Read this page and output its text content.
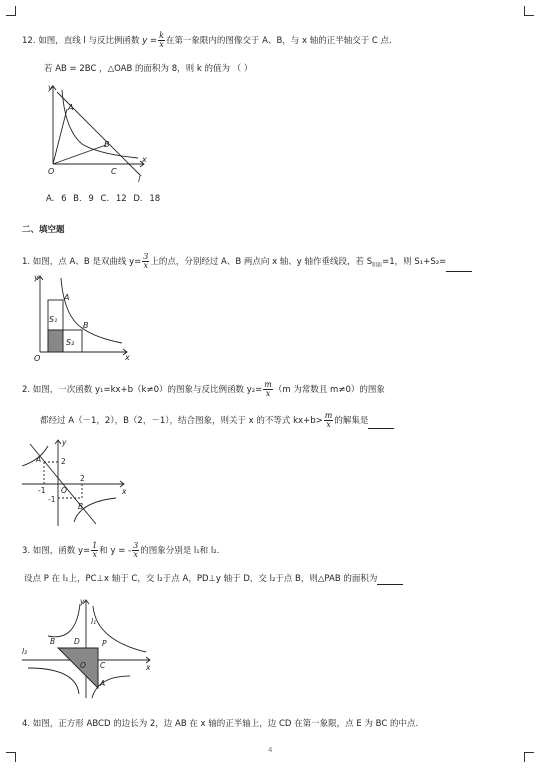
12. 如图，直线 l 与反比例函数 $y = \frac{k}{x}$ 在第一象限内的图像交于 A、B，与 x 轴的正半轴交于 C 点.
若 AB = 2BC ，△OAB 的面积为 8，则 k 的值为 （ ）
y
A
B
O	C
x
l
A. 6 B. 9 C. 12 D. 18
二、填空题
1. 如图，点 A、B 是双曲线 $y= \frac{3}{x}$ 上的点，分别经过 A、B 两点向 x 轴、y 轴作垂线段，若 $S_{阴影}=1$，则 S₁+S₂=
y
A
S₁
B
S₂
O	x
2. 如图，一次函数 y₁=kx+b（k≠0）的图象与反比例函数 $y_2= \frac{m}{x} (m$ 为常数且 m≠0）的图象
都经过 A（－1，2），B（2，－1），结合图象，则关于 x 的不等式 $kx+b> \frac{m}{x}$ 的解集是
y
A	2
-1 O
2
x
-1
B
3. 如图，函数 $y= \frac{1}{x}$ 和 y = - $\frac{3}{x}$ 的图象分别是 l₁和 l₂.
设点 P 在 l₁上，PC⊥x 轴于 C，交 l₂于点 A，PD⊥y 轴于 D，交 l₂于点 B，则△PAB 的面积为
y
l₁
B	D	P
l₂
O C	x
A
4. 如图，正方形 ABCD 的边长为 2，边 AB 在 x 轴的正半轴上，边 CD 在第一象限，点 E 为 BC 的中点.
4
